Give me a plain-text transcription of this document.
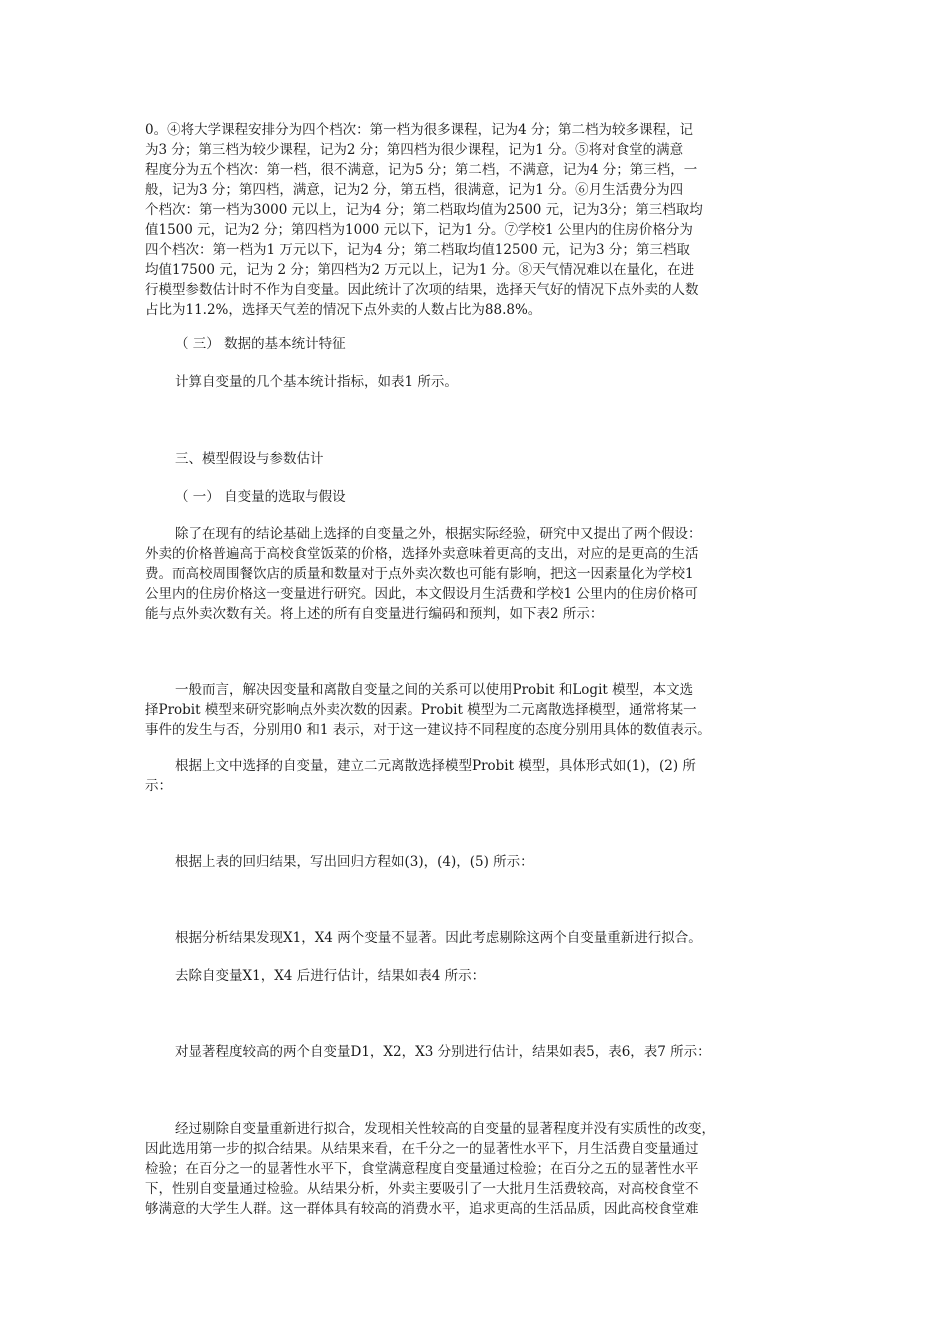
0。④将大学课程安排分为四个档次：第一档为很多课程，记为4 分；第二档为较多课程，记
为3 分；第三档为较少课程，记为2 分；第四档为很少课程，记为1 分。⑤将对食堂的满意
程度分为五个档次：第一档，很不满意，记为5 分；第二档，不满意，记为4 分；第三档，一
般，记为3 分；第四档，满意，记为2 分，第五档，很满意，记为1 分。⑥月生活费分为四
个档次：第一档为3000 元以上，记为4 分；第二档取均值为2500 元，记为3分；第三档取均
值1500 元，记为2 分；第四档为1000 元以下，记为1 分。⑦学校1 公里内的住房价格分为
四个档次：第一档为1 万元以下，记为4 分；第二档取均值12500 元，记为3 分；第三档取
均值17500 元，记为 2 分；第四档为2 万元以上，记为1 分。⑧天气情况难以在量化，在进
行模型参数估计时不作为自变量。因此统计了次项的结果，选择天气好的情况下点外卖的人数
占比为11.2%，选择天气差的情况下点外卖的人数占比为88.8%。

（ 三） 数据的基本统计特征

计算自变量的几个基本统计指标，如表1 所示。

三、模型假设与参数估计

（ 一） 自变量的选取与假设

除了在现有的结论基础上选择的自变量之外，根据实际经验，研究中又提出了两个假设：
外卖的价格普遍高于高校食堂饭菜的价格，选择外卖意味着更高的支出，对应的是更高的生活
费。而高校周围餐饮店的质量和数量对于点外卖次数也可能有影响，把这一因素量化为学校1
公里内的住房价格这一变量进行研究。因此，本文假设月生活费和学校1 公里内的住房价格可
能与点外卖次数有关。将上述的所有自变量进行编码和预判，如下表2 所示：

一般而言，解决因变量和离散自变量之间的关系可以使用Probit 和Logit 模型，本文选
择Probit 模型来研究影响点外卖次数的因素。Probit 模型为二元离散选择模型，通常将某一
事件的发生与否，分别用0 和1 表示，对于这一建议持不同程度的态度分别用具体的数值表示。

根据上文中选择的自变量，建立二元离散选择模型Probit 模型，具体形式如(1)，(2) 所
示：

根据上表的回归结果，写出回归方程如(3)，(4)，(5) 所示：

根据分析结果发现X1，X4 两个变量不显著。因此考虑剔除这两个自变量重新进行拟合。

去除自变量X1，X4 后进行估计，结果如表4 所示：

对显著程度较高的两个自变量D1，X2，X3 分别进行估计，结果如表5，表6，表7 所示：

经过剔除自变量重新进行拟合，发现相关性较高的自变量的显著程度并没有实质性的改变，
因此选用第一步的拟合结果。从结果来看，在千分之一的显著性水平下，月生活费自变量通过
检验；在百分之一的显著性水平下，食堂满意程度自变量通过检验；在百分之五的显著性水平
下，性别自变量通过检验。从结果分析，外卖主要吸引了一大批月生活费较高，对高校食堂不
够满意的大学生人群。这一群体具有较高的消费水平，追求更高的生活品质，因此高校食堂难
